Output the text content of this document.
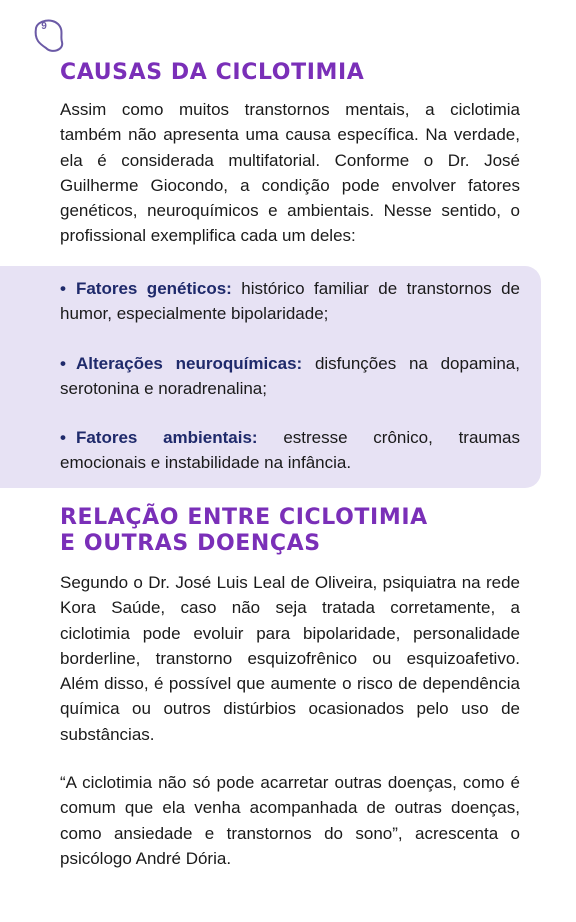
9
CAUSAS DA CICLOTIMIA

Assim como muitos transtornos mentais, a ciclotimia também não apresenta uma causa específica. Na verdade, ela é considerada multifatorial. Conforme o Dr. José Guilherme Giocondo, a condição pode envolver fatores genéticos, neuroquímicos e ambientais. Nesse sentido, o profissional exemplifica cada um deles:

• Fatores genéticos: histórico familiar de transtornos de humor, especialmente bipolaridade;
• Alterações neuroquímicas: disfunções na dopamina, serotonina e noradrenalina;
• Fatores ambientais: estresse crônico, traumas emocionais e instabilidade na infância.
RELAÇÃO ENTRE CICLOTIMIA
E OUTRAS DOENÇAS

Segundo o Dr. José Luis Leal de Oliveira, psiquiatra na rede Kora Saúde, caso não seja tratada corretamente, a ciclotimia pode evoluir para bipolaridade, personalidade borderline, transtorno esquizofrênico ou esquizoafetivo. Além disso, é possível que aumente o risco de dependência química ou outros distúrbios ocasionados pelo uso de substâncias.

“A ciclotimia não só pode acarretar outras doenças, como é comum que ela venha acompanhada de outras doenças, como ansiedade e transtornos do sono”, acrescenta o psicólogo André Dória.
